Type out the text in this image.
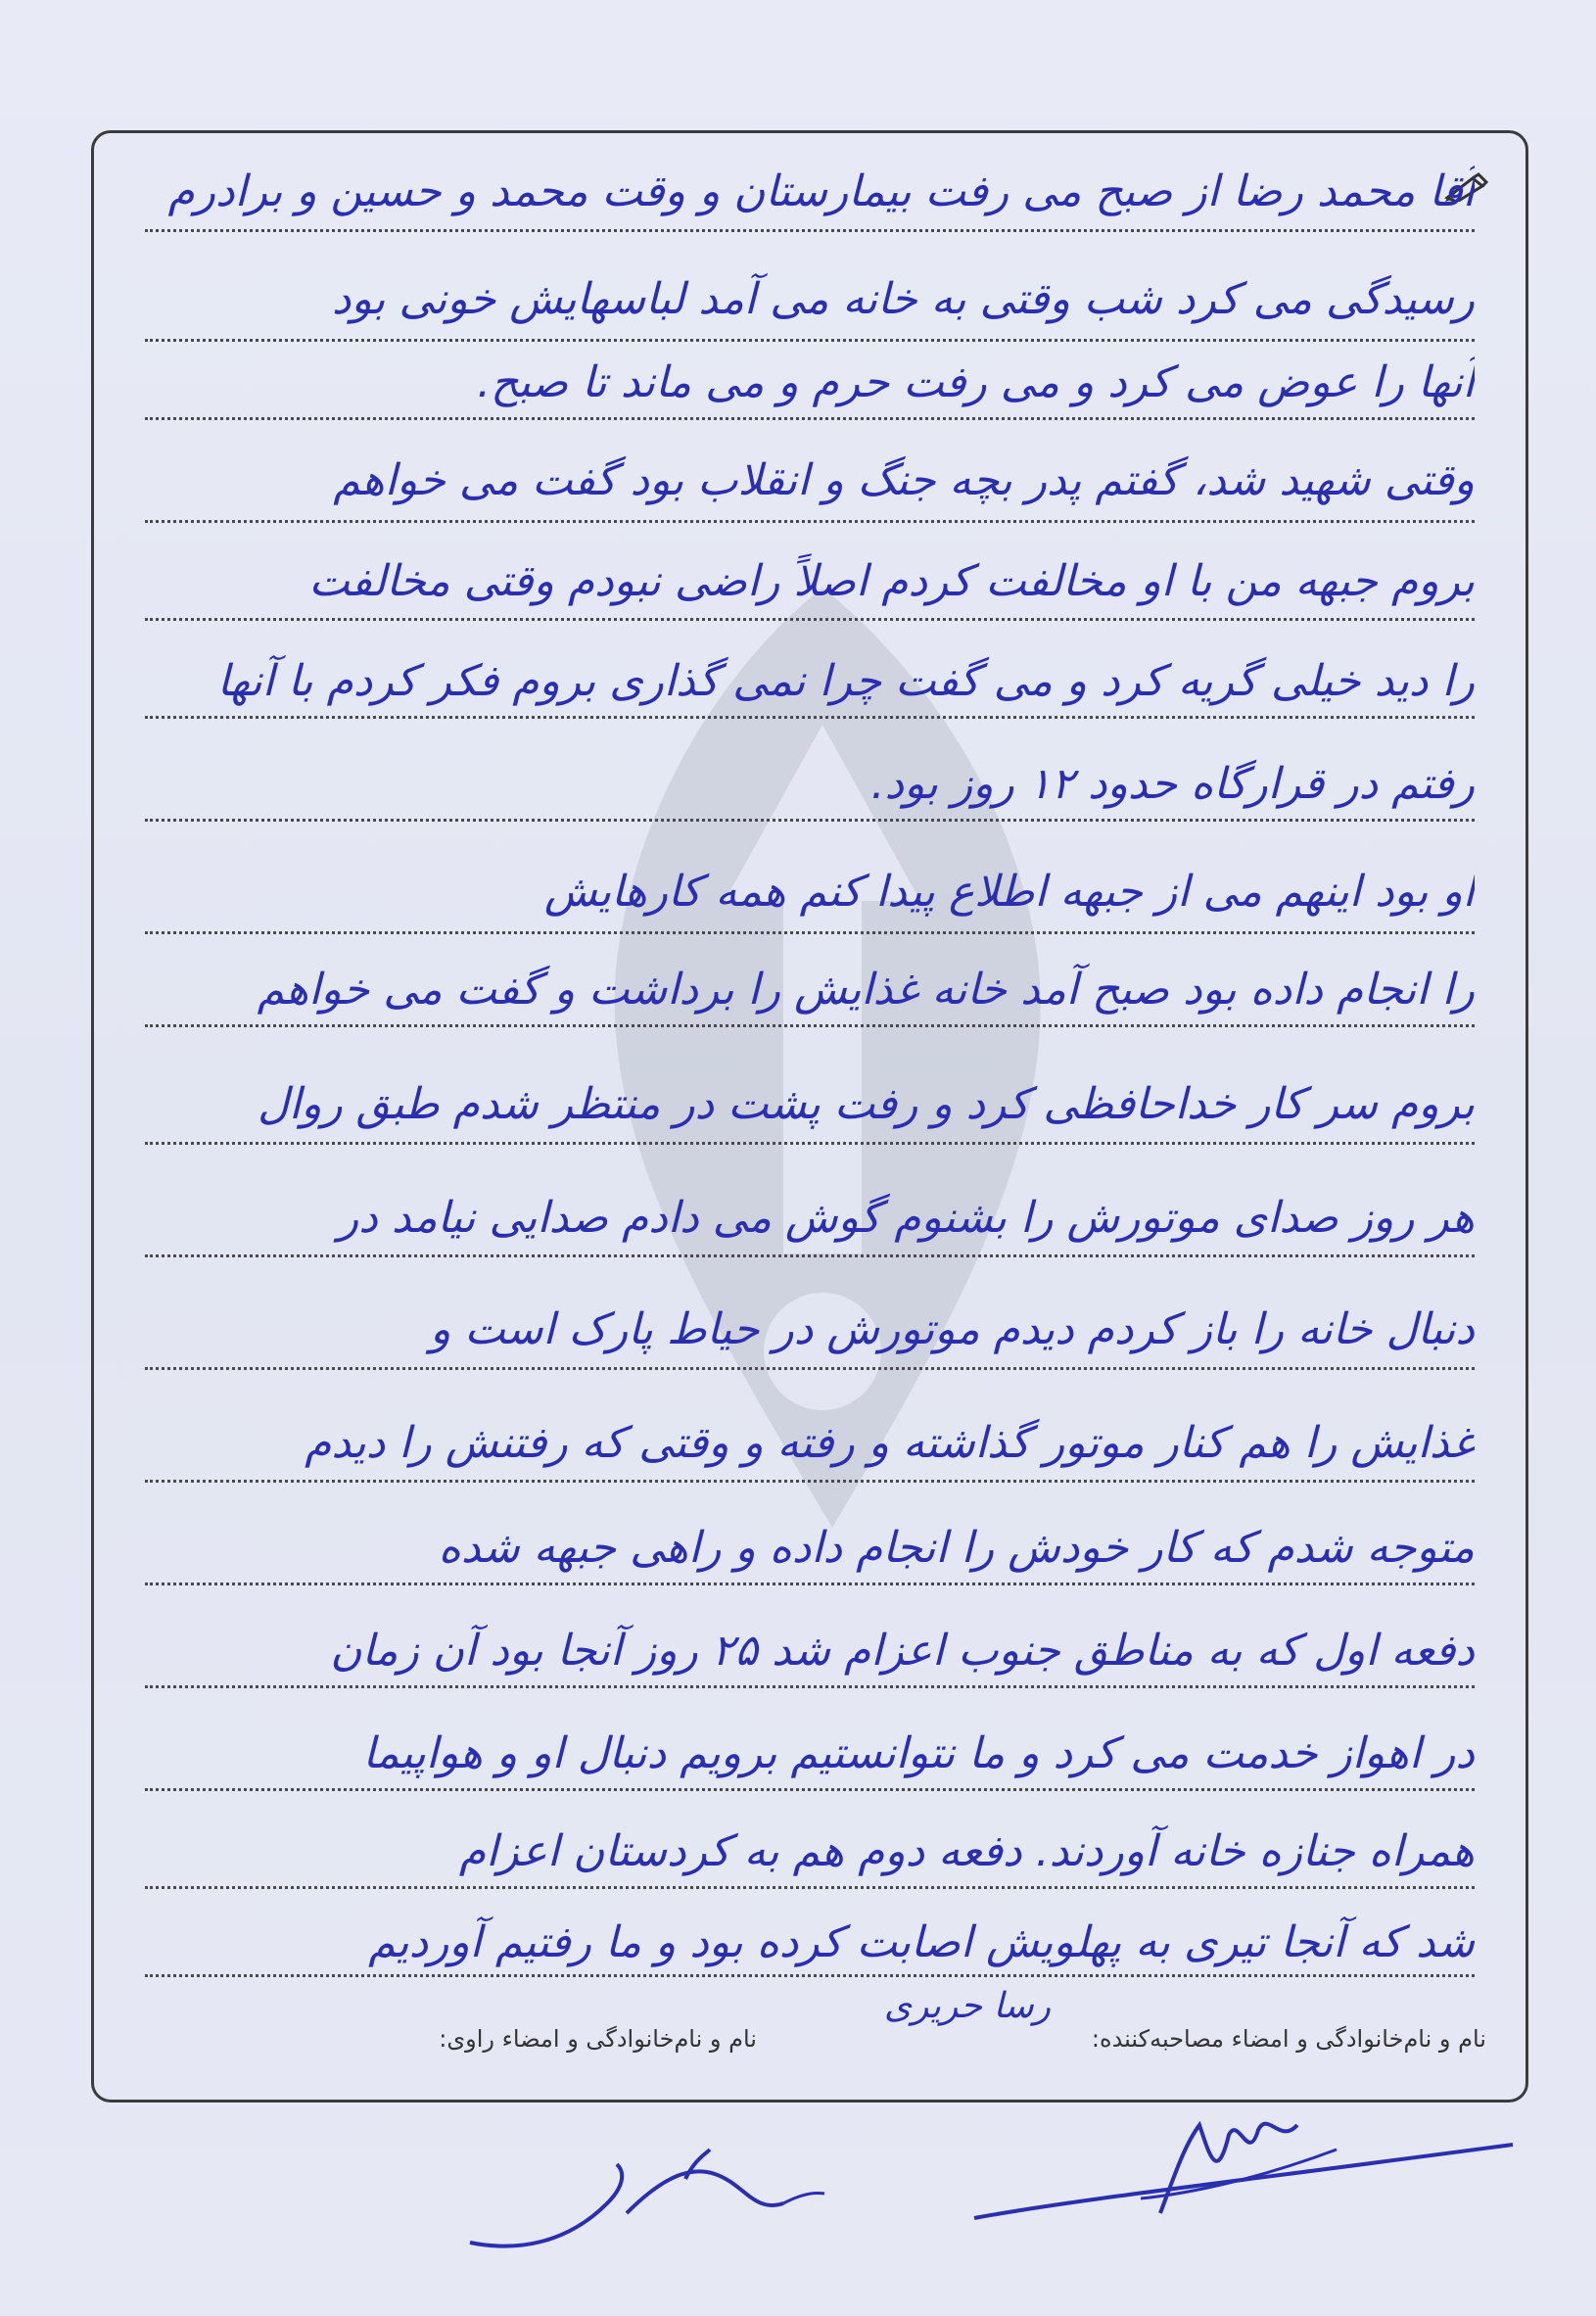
آقا محمد رضا از صبح می رفت بیمارستان و وقت محمد و حسین و برادرم
رسیدگی می کرد شب وقتی به خانه می آمد لباسهایش خونی بود
آنها را عوض می کرد و می رفت حرم و می ماند تا صبح.
وقتی شهید شد، گفتم پدر بچه جنگ و انقلاب بود گفت می خواهم
بروم جبهه من با او مخالفت کردم اصلاً راضی نبودم وقتی مخالفت
را دید خیلی گریه کرد و می گفت چرا نمی گذاری بروم فکر کردم با آنها
رفتم در قرارگاه حدود ۱۲ روز بود.
او بود اینهم می از جبهه اطلاع پیدا کنم همه کارهایش
را انجام داده بود صبح آمد خانه غذایش را برداشت و گفت می خواهم
بروم سر کار خداحافظی کرد و رفت پشت در منتظر شدم طبق روال
هر روز صدای موتورش را بشنوم گوش می دادم صدایی نیامد در
دنبال خانه را باز کردم دیدم موتورش در حیاط پارک است و
غذایش را هم کنار موتور گذاشته و رفته و وقتی که رفتنش را دیدم
متوجه شدم که کار خودش را انجام داده و راهی جبهه شده
دفعه اول که به مناطق جنوب اعزام شد ۲۵ روز آنجا بود آن زمان
در اهواز خدمت می کرد و ما نتوانستیم برویم دنبال او و هواپیما
همراه جنازه خانه آوردند. دفعه دوم هم به کردستان اعزام
شد که آنجا تیری به پهلویش اصابت کرده بود و ما رفتیم آوردیم
نام و نام‌خانوادگی و امضاء مصاحبه‌کننده:
رسا حریری
نام و نام‌خانوادگی و امضاء راوی:
